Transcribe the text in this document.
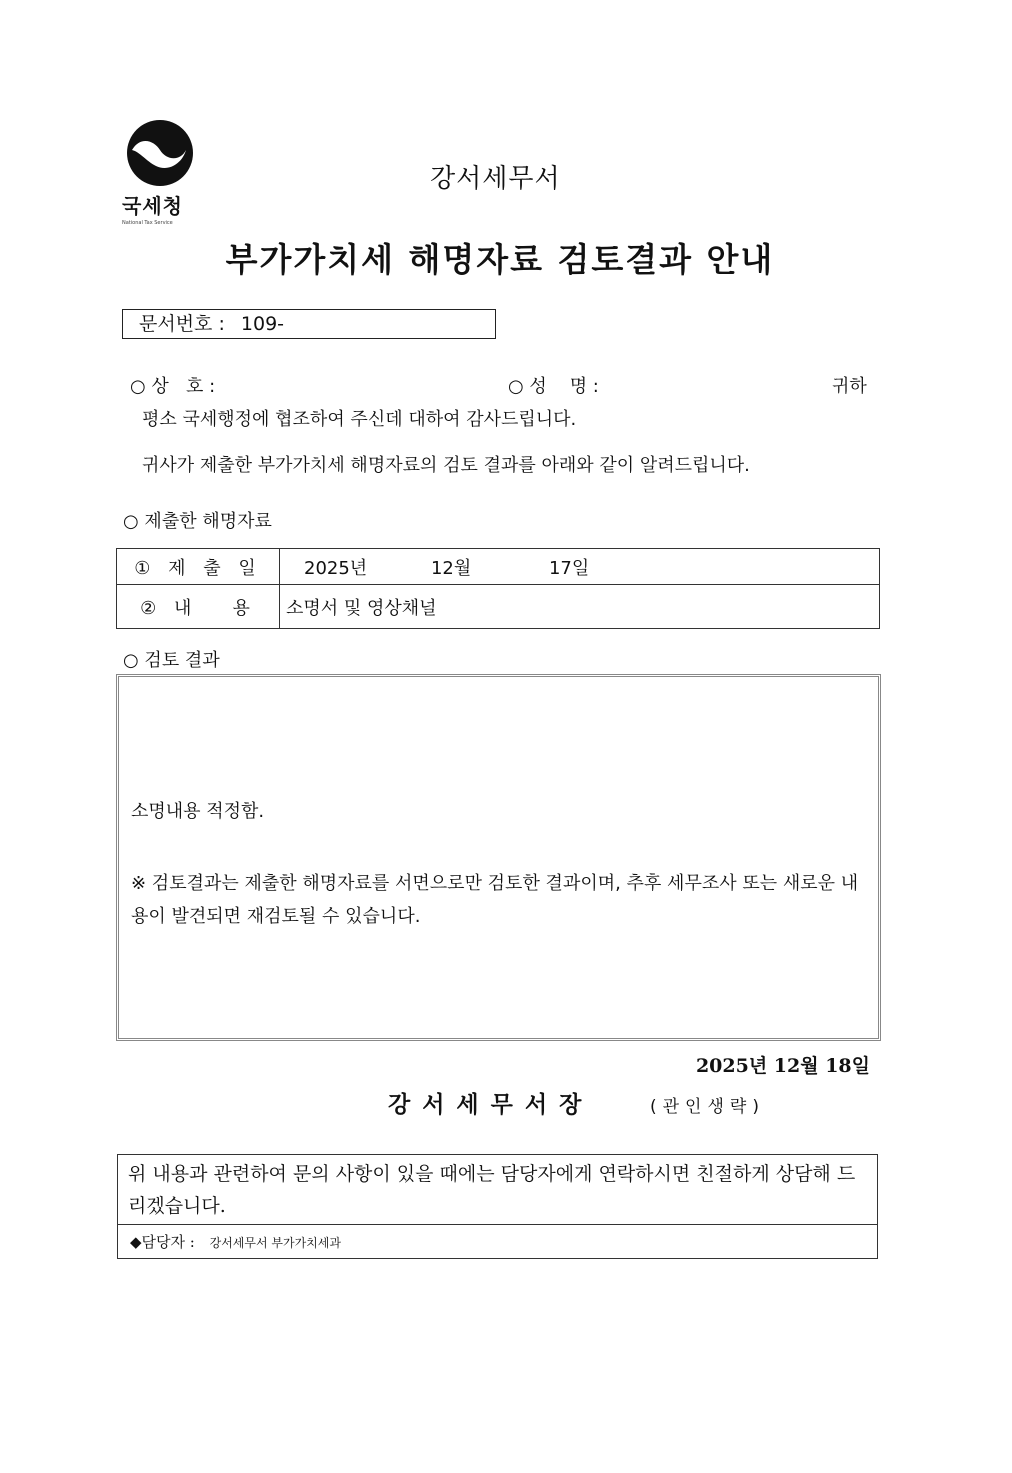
국세청
National Tax Service
강서세무서
부가가치세 해명자료 검토결과 안내
문서번호 : 109-
○ 상   호 :	○ 성    명 :	귀하
평소 국세행정에 협조하여 주신데 대하여 감사드립니다.
귀사가 제출한 부가가치세 해명자료의 검토 결과를 아래와 같이 알려드립니다.
○ 제출한 해명자료
① 제 출 일	2025년 12월 17일
② 내   용	소명서 및 영상채널
○ 검토 결과
소명내용 적정함.
※ 검토결과는 제출한 해명자료를 서면으로만 검토한 결과이며, 추후 세무조사 또는 새로운 내용이 발견되면 재검토될 수 있습니다.
2025년 12월 18일
강서세무서장	(관인생략)
위 내용과 관련하여 문의 사항이 있을 때에는 담당자에게 연락하시면 친절하게 상담해 드리겠습니다.
◆담당자 : 강서세무서 부가가치세과
